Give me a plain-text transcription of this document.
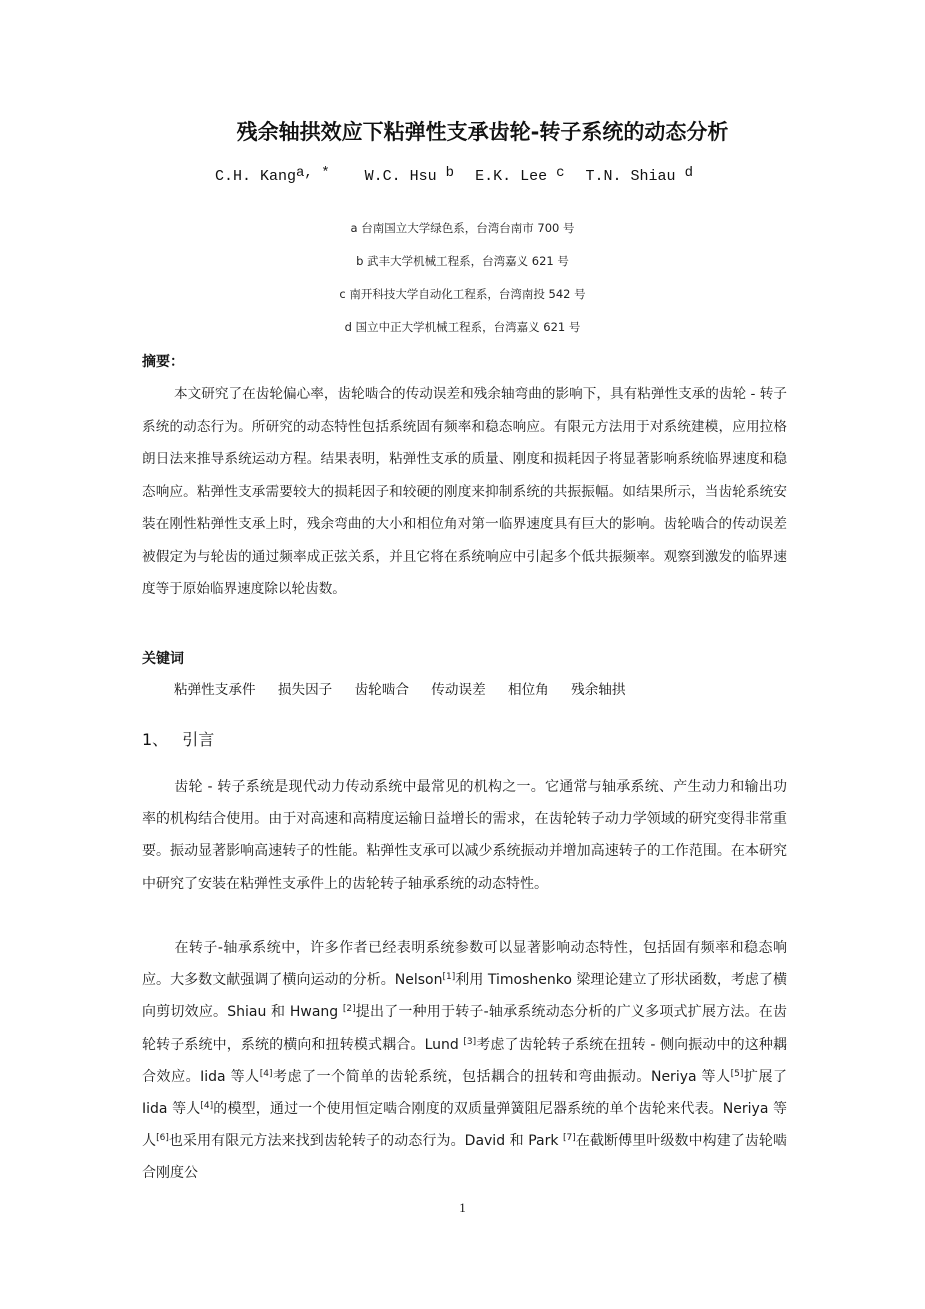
残余轴拱效应下粘弹性支承齿轮-转子系统的动态分析
C.H. Kang$^{a, *}$ W.C. Hsu $^b$ E.K. Lee $^c$ T.N. Shiau $^d$
a 台南国立大学绿色系，台湾台南市 700 号
b 武丰大学机械工程系，台湾嘉义 621 号
c 南开科技大学自动化工程系，台湾南投 542 号
d 国立中正大学机械工程系，台湾嘉义 621 号
摘要：
本文研究了在齿轮偏心率，齿轮啮合的传动误差和残余轴弯曲的影响下，具有粘弹性支承的齿轮 - 转子系统的动态行为。所研究的动态特性包括系统固有频率和稳态响应。有限元方法用于对系统建模，应用拉格朗日法来推导系统运动方程。结果表明，粘弹性支承的质量、刚度和损耗因子将显著影响系统临界速度和稳态响应。粘弹性支承需要较大的损耗因子和较硬的刚度来抑制系统的共振振幅。如结果所示，当齿轮系统安装在刚性粘弹性支承上时，残余弯曲的大小和相位角对第一临界速度具有巨大的影响。齿轮啮合的传动误差被假定为与轮齿的通过频率成正弦关系，并且它将在系统响应中引起多个低共振频率。观察到激发的临界速度等于原始临界速度除以轮齿数。
关键词
粘弹性支承件 损失因子 齿轮啮合 传动误差 相位角 残余轴拱
1、 引言
齿轮 - 转子系统是现代动力传动系统中最常见的机构之一。它通常与轴承系统、产生动力和输出功率的机构结合使用。由于对高速和高精度运输日益增长的需求，在齿轮转子动力学领域的研究变得非常重要。振动显著影响高速转子的性能。粘弹性支承可以减少系统振动并增加高速转子的工作范围。在本研究中研究了安装在粘弹性支承件上的齿轮转子轴承系统的动态特性。
在转子-轴承系统中，许多作者已经表明系统参数可以显著影响动态特性，包括固有频率和稳态响应。大多数文献强调了横向运动的分析。Nelson[1]利用 Timoshenko 梁理论建立了形状函数，考虑了横向剪切效应。Shiau 和 Hwang [2]提出了一种用于转子-轴承系统动态分析的广义多项式扩展方法。在齿轮转子系统中，系统的横向和扭转模式耦合。Lund [3]考虑了齿轮转子系统在扭转 - 侧向振动中的这种耦合效应。Iida 等人[4]考虑了一个简单的齿轮系统，包括耦合的扭转和弯曲振动。Neriya 等人[5]扩展了 Iida 等人[4]的模型，通过一个使用恒定啮合刚度的双质量弹簧阻尼器系统的单个齿轮来代表。Neriya 等人[6]也采用有限元方法来找到齿轮转子的动态行为。David 和 Park [7]在截断傅里叶级数中构建了齿轮啮合刚度公
1
